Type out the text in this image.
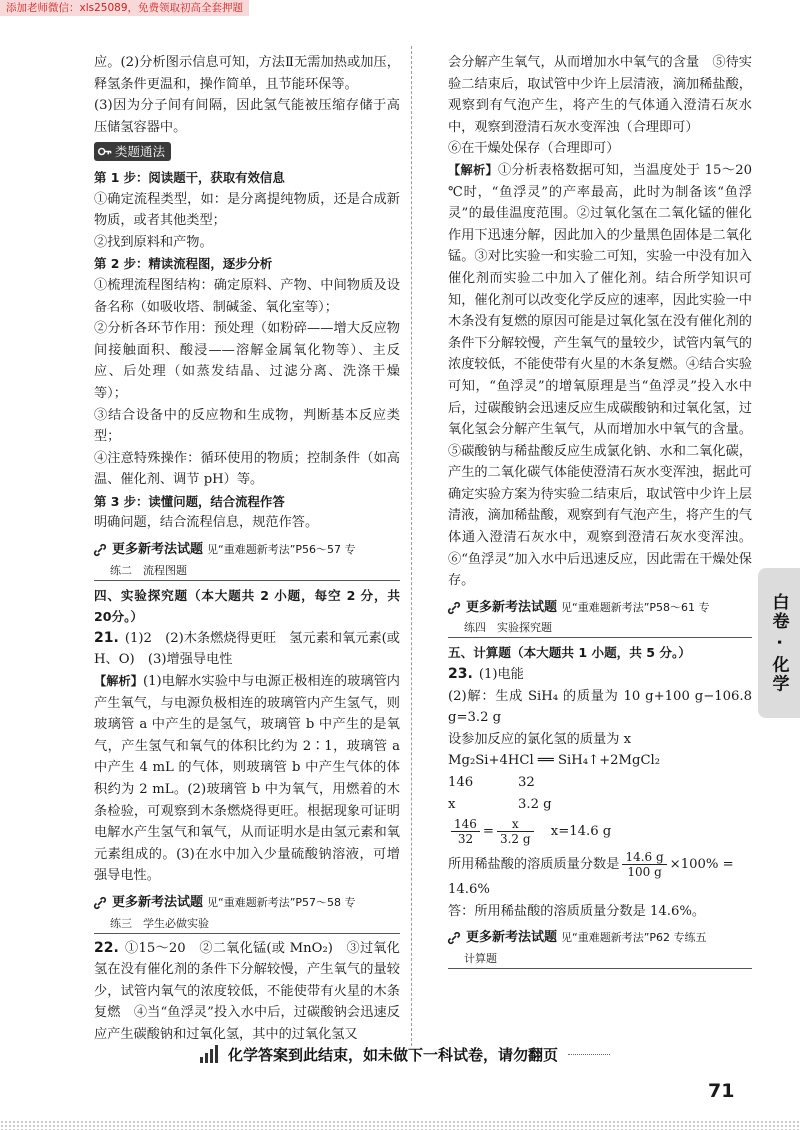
添加老师微信：xls25089，免费领取初高全套押题

应。(2)分析图示信息可知，方法Ⅱ无需加热或加压，释氢条件更温和，操作简单，且节能环保等。

(3)因为分子间有间隔，因此氢气能被压缩存储于高压储氢容器中。

类题通法

第 1 步：阅读题干，获取有效信息

①确定流程类型，如：是分离提纯物质，还是合成新物质，或者其他类型；

②找到原料和产物。

第 2 步：精读流程图，逐步分析

①梳理流程图结构：确定原料、产物、中间物质及设备名称（如吸收塔、制碱釜、氧化室等）；

②分析各环节作用：预处理（如粉碎——增大反应物间接触面积、酸浸——溶解金属氧化物等）、主反应、后处理（如蒸发结晶、过滤分离、洗涤干燥等）；

③结合设备中的反应物和生成物，判断基本反应类型；

④注意特殊操作：循环使用的物质；控制条件（如高温、催化剂、调节 pH）等。

第 3 步：读懂问题，结合流程作答

明确问题，结合流程信息，规范作答。

更多新考法试题 见“重难题新考法”P56～57 专
练二　流程图题

四、实验探究题（本大题共 2 小题，每空 2 分，共 20分。）

21. (1)2　(2)木条燃烧得更旺　氢元素和氧元素(或 H、O)　(3)增强导电性

【解析】(1)电解水实验中与电源正极相连的玻璃管内产生氧气，与电源负极相连的玻璃管内产生氢气，则玻璃管 a 中产生的是氢气，玻璃管 b 中产生的是氧气，产生氢气和氧气的体积比约为 2∶1，玻璃管 a 中产生 4 mL 的气体，则玻璃管 b 中产生气体的体积约为 2 mL。(2)玻璃管 b 中为氧气，用燃着的木条检验，可观察到木条燃烧得更旺。根据现象可证明电解水产生氢气和氧气，从而证明水是由氢元素和氧元素组成的。(3)在水中加入少量硫酸钠溶液，可增强导电性。

更多新考法试题 见“重难题新考法”P57～58 专
练三　学生必做实验

22. ①15～20　②二氧化锰(或 MnO₂)　③过氧化氢在没有催化剂的条件下分解较慢，产生氧气的量较少，试管内氧气的浓度较低，不能使带有火星的木条复燃　④当“鱼浮灵”投入水中后，过碳酸钠会迅速反应产生碳酸钠和过氧化氢，其中的过氧化氢又

会分解产生氧气，从而增加水中氧气的含量　⑤待实验二结束后，取试管中少许上层清液，滴加稀盐酸，观察到有气泡产生，将产生的气体通入澄清石灰水中，观察到澄清石灰水变浑浊（合理即可）

⑥在干燥处保存（合理即可）

【解析】①分析表格数据可知，当温度处于 15～20 ℃时，“鱼浮灵”的产率最高，此时为制备该“鱼浮灵”的最佳温度范围。②过氧化氢在二氧化锰的催化作用下迅速分解，因此加入的少量黑色固体是二氧化锰。③对比实验一和实验二可知，实验一中没有加入催化剂而实验二中加入了催化剂。结合所学知识可知，催化剂可以改变化学反应的速率，因此实验一中木条没有复燃的原因可能是过氧化氢在没有催化剂的条件下分解较慢，产生氧气的量较少，试管内氧气的浓度较低，不能使带有火星的木条复燃。④结合实验可知，“鱼浮灵”的增氧原理是当“鱼浮灵”投入水中后，过碳酸钠会迅速反应生成碳酸钠和过氧化氢，过氧化氢会分解产生氧气，从而增加水中氧气的含量。⑤碳酸钠与稀盐酸反应生成氯化钠、水和二氧化碳，产生的二氧化碳气体能使澄清石灰水变浑浊，据此可确定实验方案为待实验二结束后，取试管中少许上层清液，滴加稀盐酸，观察到有气泡产生，将产生的气体通入澄清石灰水中，观察到澄清石灰水变浑浊。⑥“鱼浮灵”加入水中后迅速反应，因此需在干燥处保存。

更多新考法试题 见“重难题新考法”P58～61 专
练四　实验探究题

五、计算题（本大题共 1 小题，共 5 分。）

23. (1)电能

(2)解：生成 SiH₄ 的质量为 10 g+100 g−106.8 g=3.2 g

设参加反应的氯化氢的质量为 x

Mg₂Si+4HCl ══ SiH₄↑+2MgCl₂

146	32
x	3.2 g

$\frac{146}{32} = \frac{x}{3.2 g} x=14.6$ g

所用稀盐酸的溶质质量分数是 $\frac{14.6 g}{100 g} \times 100\%$ =

14.6%

答：所用稀盐酸的溶质质量分数是 14.6%。

更多新考法试题 见“重难题新考法”P62 专练五
计算题
白卷 · 化学
化学答案到此结束，如未做下一科试卷，请勿翻页
71
